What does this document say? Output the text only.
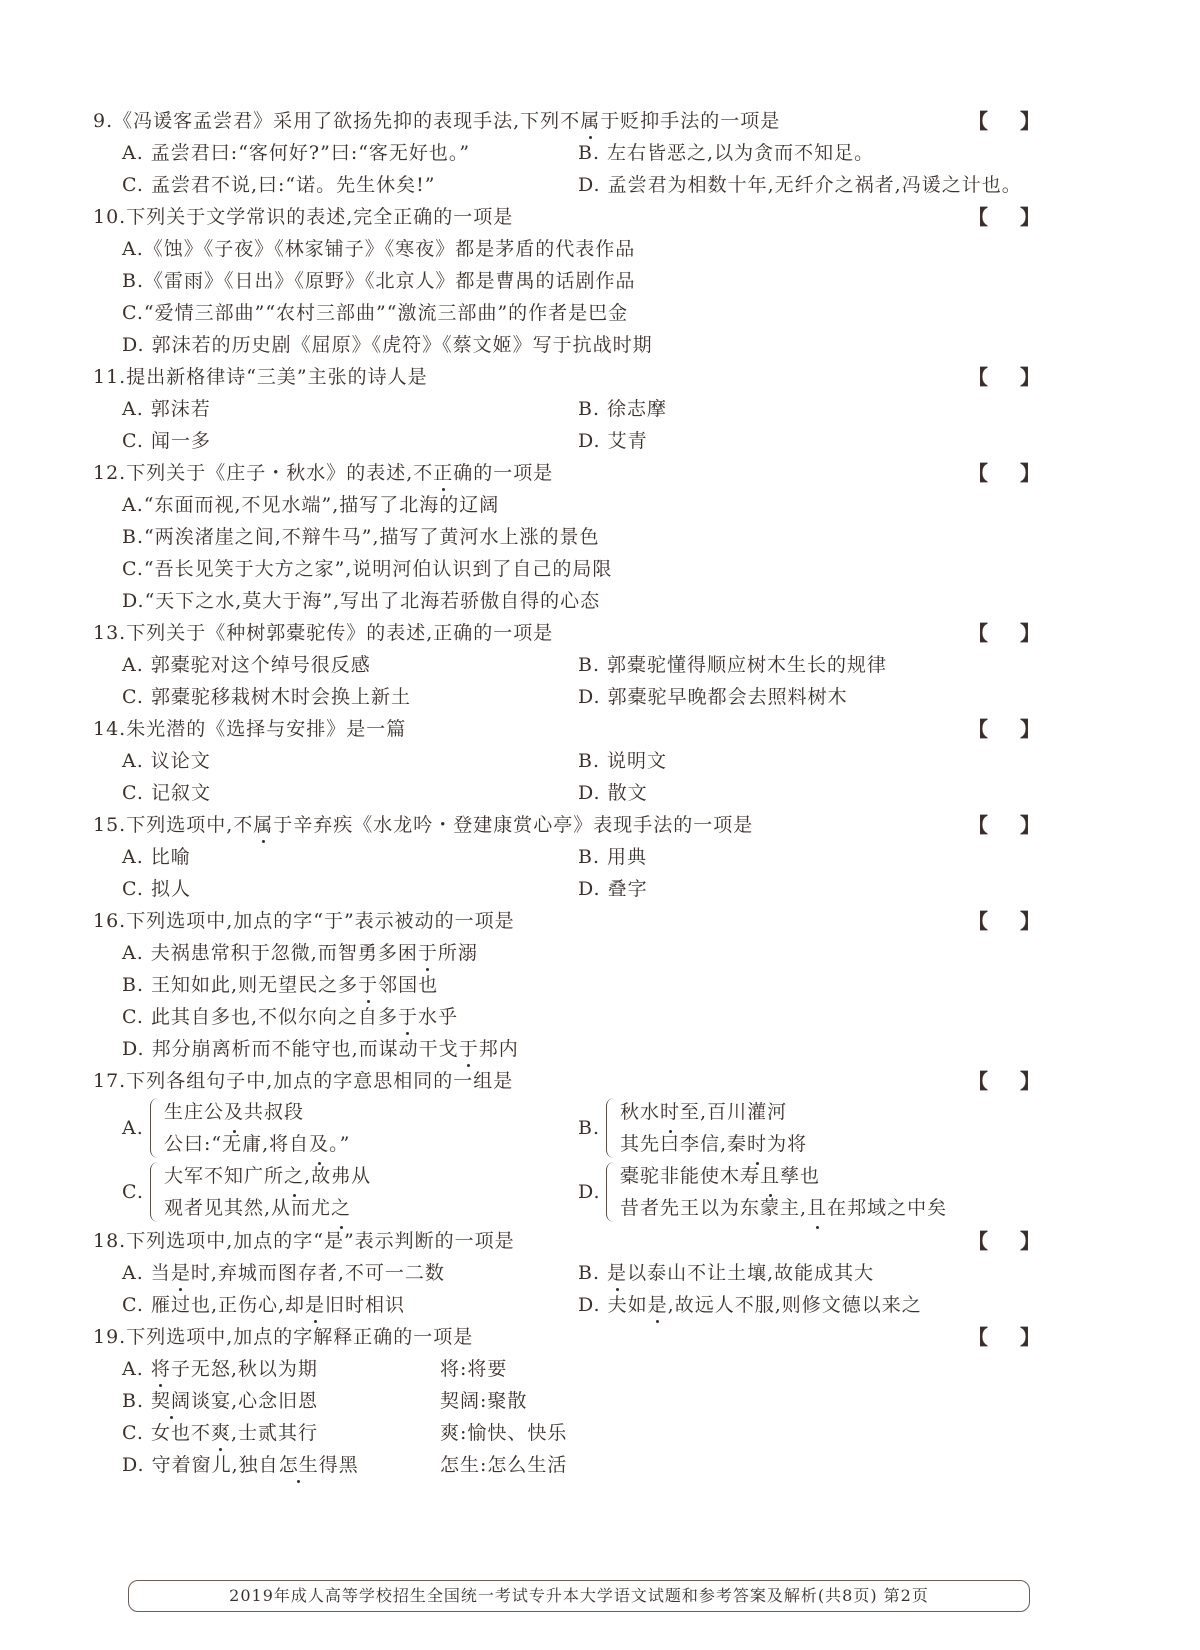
9.《冯谖客孟尝君》采用了欲扬先抑的表现手法,下列不属于贬抑手法的一项是	【 】
A. 孟尝君曰:“客何好?”曰:“客无好也。”	B. 左右皆恶之,以为贪而不知足。
C. 孟尝君不说,曰:“诺。先生休矣!”	D. 孟尝君为相数十年,无纤介之祸者,冯谖之计也。
10.下列关于文学常识的表述,完全正确的一项是	【 】
A.《蚀》《子夜》《林家铺子》《寒夜》都是茅盾的代表作品
B.《雷雨》《日出》《原野》《北京人》都是曹禺的话剧作品
C.“爱情三部曲”“农村三部曲”“激流三部曲”的作者是巴金
D. 郭沫若的历史剧《屈原》《虎符》《蔡文姬》写于抗战时期
11.提出新格律诗“三美”主张的诗人是	【 】
A. 郭沫若	B. 徐志摩
C. 闻一多	D. 艾青
12.下列关于《庄子・秋水》的表述,不正确的一项是	【 】
A.“东面而视,不见水端”,描写了北海的辽阔
B.“两涘渚崖之间,不辩牛马”,描写了黄河水上涨的景色
C.“吾长见笑于大方之家”,说明河伯认识到了自己的局限
D.“天下之水,莫大于海”,写出了北海若骄傲自得的心态
13.下列关于《种树郭橐驼传》的表述,正确的一项是	【 】
A. 郭橐驼对这个绰号很反感	B. 郭橐驼懂得顺应树木生长的规律
C. 郭橐驼移栽树木时会换上新土	D. 郭橐驼早晚都会去照料树木
14.朱光潜的《选择与安排》是一篇	【 】
A. 议论文	B. 说明文
C. 记叙文	D. 散文
15.下列选项中,不属于辛弃疾《水龙吟・登建康赏心亭》表现手法的一项是	【 】
A. 比喻	B. 用典
C. 拟人	D. 叠字
16.下列选项中,加点的字“于”表示被动的一项是	【 】
A. 夫祸患常积于忽微,而智勇多困于所溺
B. 王知如此,则无望民之多于邻国也
C. 此其自多也,不似尔向之自多于水乎
D. 邦分崩离析而不能守也,而谋动干戈于邦内
17.下列各组句子中,加点的字意思相同的一组是	【 】
A.
生庄公及共叔段
公曰:“无庸,将自及。”
B.
秋水时至,百川灌河
其先曰李信,秦时为将
C.
大军不知广所之,故弗从
观者见其然,从而尤之
D.
橐驼非能使木寿且孳也
昔者先王以为东蒙主,且在邦域之中矣
18.下列选项中,加点的字“是”表示判断的一项是	【 】
A. 当是时,弃城而图存者,不可一二数	B. 是以泰山不让土壤,故能成其大
C. 雁过也,正伤心,却是旧时相识	D. 夫如是,故远人不服,则修文德以来之
19.下列选项中,加点的字解释正确的一项是	【 】
A. 将子无怒,秋以为期	将:将要
B. 契阔谈宴,心念旧恩	契阔:聚散
C. 女也不爽,士贰其行	爽:愉快、快乐
D. 守着窗儿,独自怎生得黑	怎生:怎么生活
2019年成人高等学校招生全国统一考试专升本大学语文试题和参考答案及解析(共8页) 第2页
